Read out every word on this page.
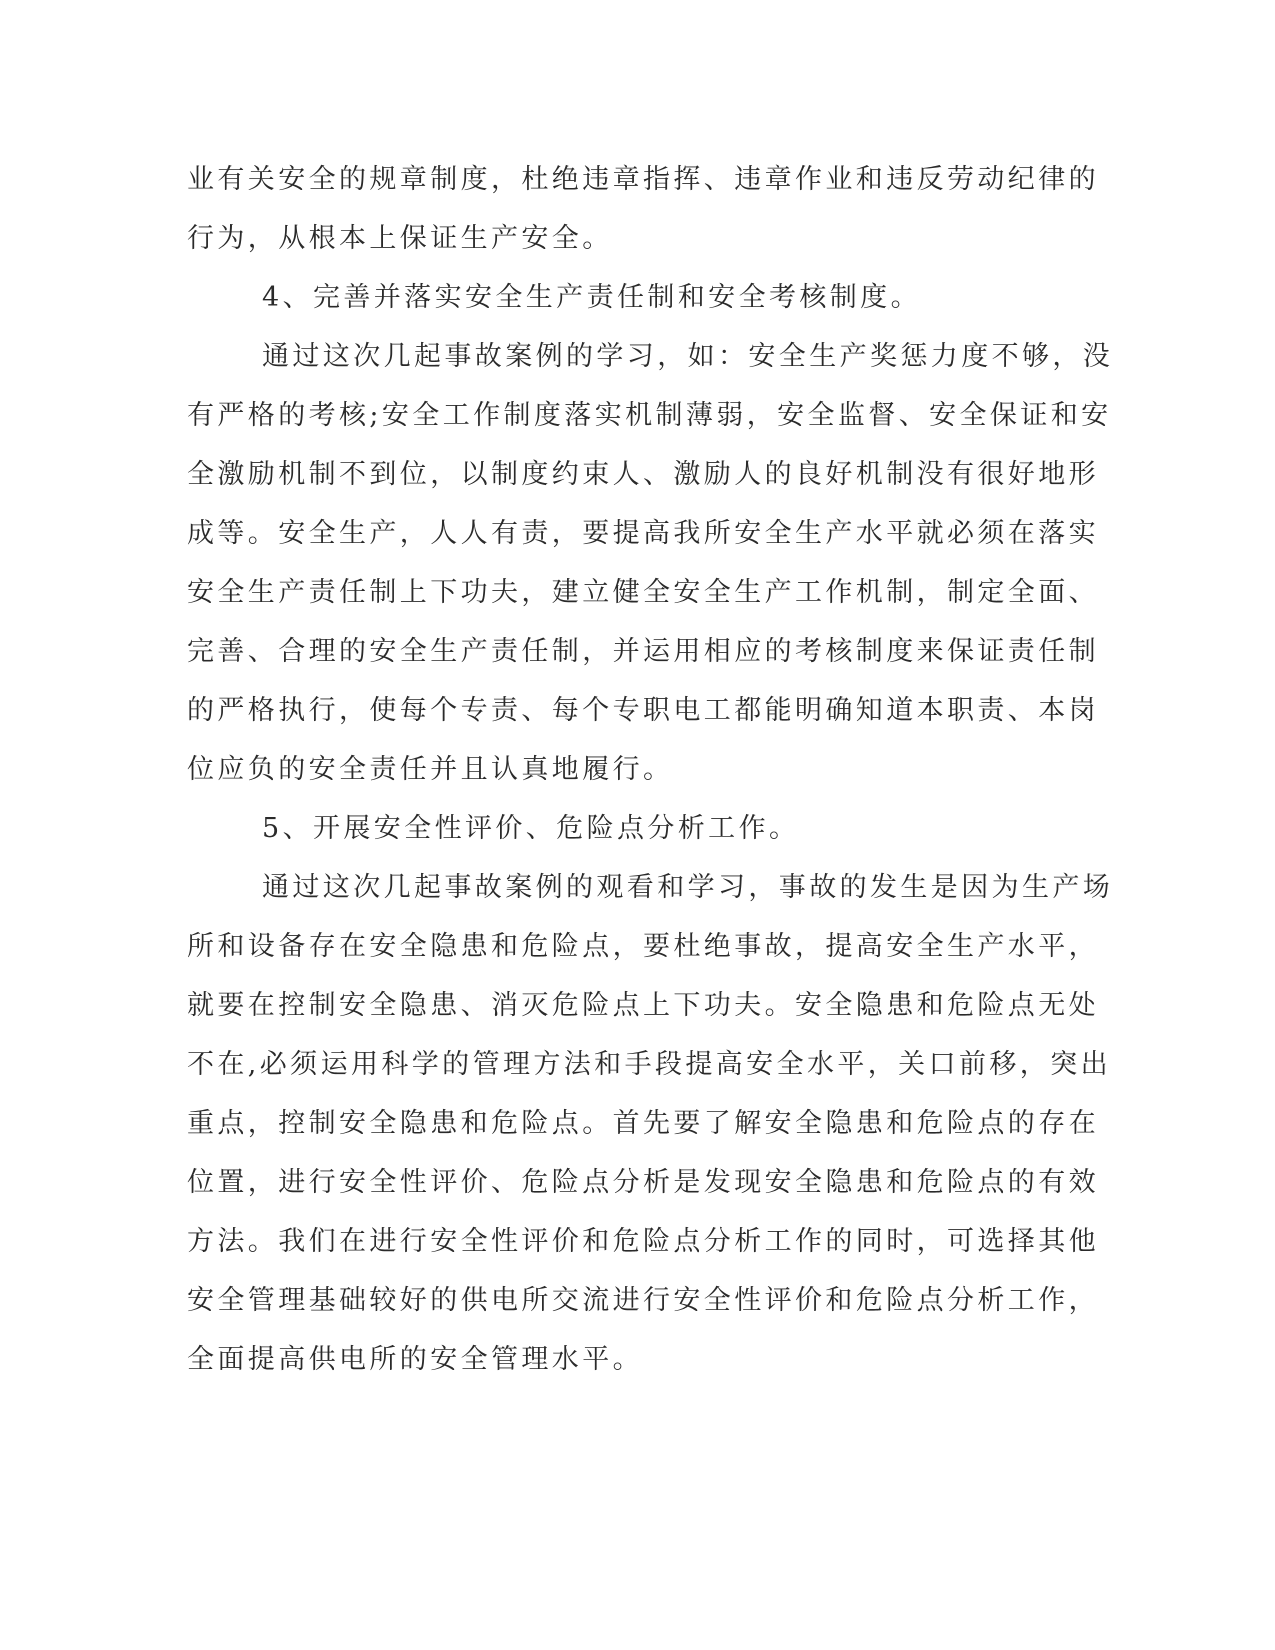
业有关安全的规章制度，杜绝违章指挥、违章作业和违反劳动纪律的
行为，从根本上保证生产安全。
4、完善并落实安全生产责任制和安全考核制度。
通过这次几起事故案例的学习，如：安全生产奖惩力度不够，没
有严格的考核;安全工作制度落实机制薄弱，安全监督、安全保证和安
全激励机制不到位，以制度约束人、激励人的良好机制没有很好地形
成等。安全生产，人人有责，要提高我所安全生产水平就必须在落实
安全生产责任制上下功夫，建立健全安全生产工作机制，制定全面、
完善、合理的安全生产责任制，并运用相应的考核制度来保证责任制
的严格执行，使每个专责、每个专职电工都能明确知道本职责、本岗
位应负的安全责任并且认真地履行。
5、开展安全性评价、危险点分析工作。
通过这次几起事故案例的观看和学习，事故的发生是因为生产场
所和设备存在安全隐患和危险点，要杜绝事故，提高安全生产水平，
就要在控制安全隐患、消灭危险点上下功夫。安全隐患和危险点无处
不在,必须运用科学的管理方法和手段提高安全水平，关口前移，突出
重点，控制安全隐患和危险点。首先要了解安全隐患和危险点的存在
位置，进行安全性评价、危险点分析是发现安全隐患和危险点的有效
方法。我们在进行安全性评价和危险点分析工作的同时，可选择其他
安全管理基础较好的供电所交流进行安全性评价和危险点分析工作，
全面提高供电所的安全管理水平。
